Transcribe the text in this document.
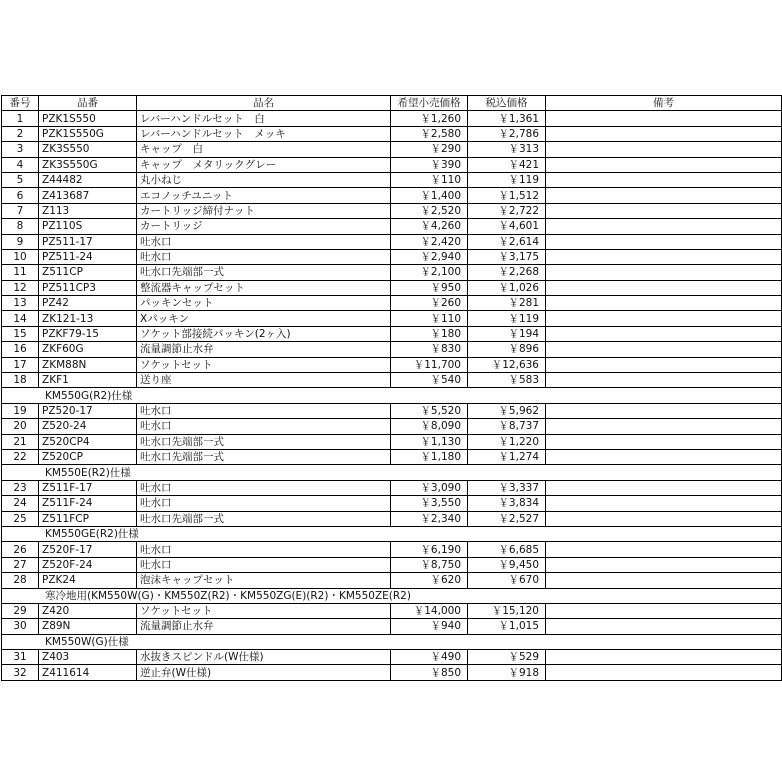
番号	品番	品名	希望小売価格	税込価格	備考
1	PZK1S550	レバーハンドルセット　白	￥1,260	￥1,361	
2	PZK1S550G	レバーハンドルセット　メッキ	￥2,580	￥2,786	
3	ZK3S550	キャップ　白	￥290	￥313	
4	ZK3S550G	キャップ　メタリックグレー	￥390	￥421	
5	Z44482	丸小ねじ	￥110	￥119	
6	Z413687	エコノッチユニット	￥1,400	￥1,512	
7	Z113	カートリッジ締付ナット	￥2,520	￥2,722	
8	PZ110S	カートリッジ	￥4,260	￥4,601	
9	PZ511-17	吐水口	￥2,420	￥2,614	
10	PZ511-24	吐水口	￥2,940	￥3,175	
11	Z511CP	吐水口先端部一式	￥2,100	￥2,268	
12	PZ511CP3	整流器キャップセット	￥950	￥1,026	
13	PZ42	パッキンセット	￥260	￥281	
14	ZK121-13	Xパッキン	￥110	￥119	
15	PZKF79-15	ソケット部接続パッキン(2ヶ入)	￥180	￥194	
16	ZKF60G	流量調節止水弁	￥830	￥896	
17	ZKM88N	ソケットセット	￥11,700	￥12,636	
18	ZKF1	送り座	￥540	￥583	
KM550G(R2)仕様					
19	PZ520-17	吐水口	￥5,520	￥5,962	
20	Z520-24	吐水口	￥8,090	￥8,737	
21	Z520CP4	吐水口先端部一式	￥1,130	￥1,220	
22	Z520CP	吐水口先端部一式	￥1,180	￥1,274	
KM550E(R2)仕様					
23	Z511F-17	吐水口	￥3,090	￥3,337	
24	Z511F-24	吐水口	￥3,550	￥3,834	
25	Z511FCP	吐水口先端部一式	￥2,340	￥2,527	
KM550GE(R2)仕様					
26	Z520F-17	吐水口	￥6,190	￥6,685	
27	Z520F-24	吐水口	￥8,750	￥9,450	
28	PZK24	泡沫キャップセット	￥620	￥670	
寒冷地用(KM550W(G)・KM550Z(R2)・KM550ZG(E)(R2)・KM550ZE(R2)					
29	Z420	ソケットセット	￥14,000	￥15,120	
30	Z89N	流量調節止水弁	￥940	￥1,015	
KM550W(G)仕様					
31	Z403	水抜きスピンドル(W仕様)	￥490	￥529	
32	Z411614	逆止弁(W仕様)	￥850	￥918	
